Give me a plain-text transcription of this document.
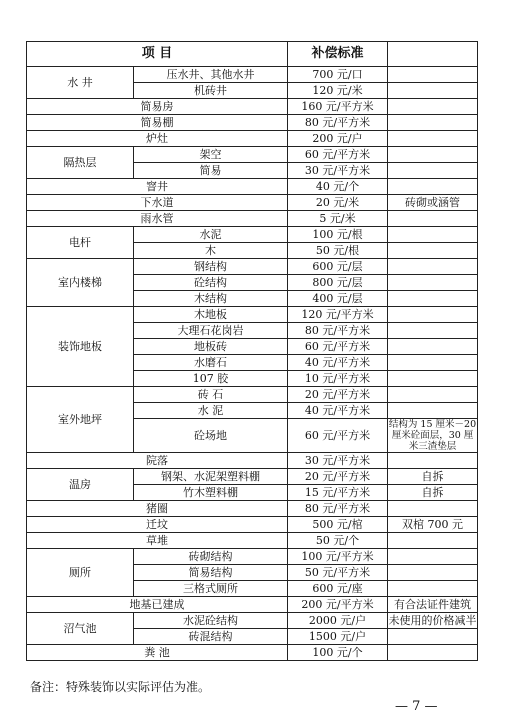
项 目		补偿标准	
水 井	压水井、其他水井	700 元/口	
	机砖井	120 元/米	
简易房		160 元/平方米	
简易棚		80 元/平方米	
炉灶		200 元/户	
隔热层	架空	60 元/平方米	
	简易	30 元/平方米	
窨井		40 元/个	
下水道		20 元/米	砖砌或涵管
雨水管		5 元/米	
电杆	水泥	100 元/根	
	木	50 元/根	
室内楼梯	钢结构	600 元/层	
	砼结构	800 元/层	
	木结构	400 元/层	
装饰地板	木地板	120 元/平方米	
	大理石花岗岩	80 元/平方米	
	地板砖	60 元/平方米	
	水磨石	40 元/平方米	
	107 胶	10 元/平方米	
室外地坪	砖 石	20 元/平方米	
	水 泥	40 元/平方米	
	砼场地	60 元/平方米	结构为 15 厘米－20 厘米砼面层，30 厘米三渣垫层
院落		30 元/平方米	
温房	钢架、水泥架塑料棚	20 元/平方米	自拆
	竹木塑料棚	15 元/平方米	自拆
猪圈		80 元/平方米	
迁坟		500 元/棺	双棺 700 元
草堆		50 元/个	
厕所	砖砌结构	100 元/平方米	
	简易结构	50 元/平方米	
	三格式厕所	600 元/座	
地基已建成		200 元/平方米	有合法证件建筑
沼气池	水泥砼结构	2000 元/户	未使用的价格减半
	砖混结构	1500 元/户	
粪 池		100 元/个	
备注：特殊装饰以实际评估为准。
— 7 —
